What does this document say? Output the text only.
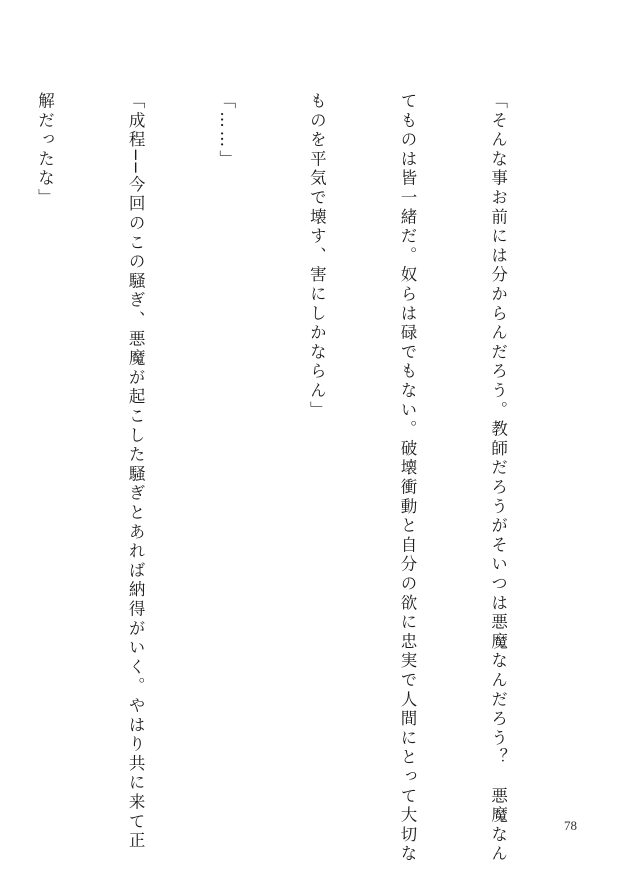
「そんな事お前には分からんだろう。教師だろうがそいつは悪魔なんだろう？　悪魔なん

てものは皆一緒だ。奴らは碌でもない。破壊衝動と自分の欲に忠実で人間にとって大切な

ものを平気で壊す、害にしかならん」

「……」

「成程──今回のこの騒ぎ、悪魔が起こした騒ぎとあれば納得がいく。やはり共に来て正

解だったな」

78
